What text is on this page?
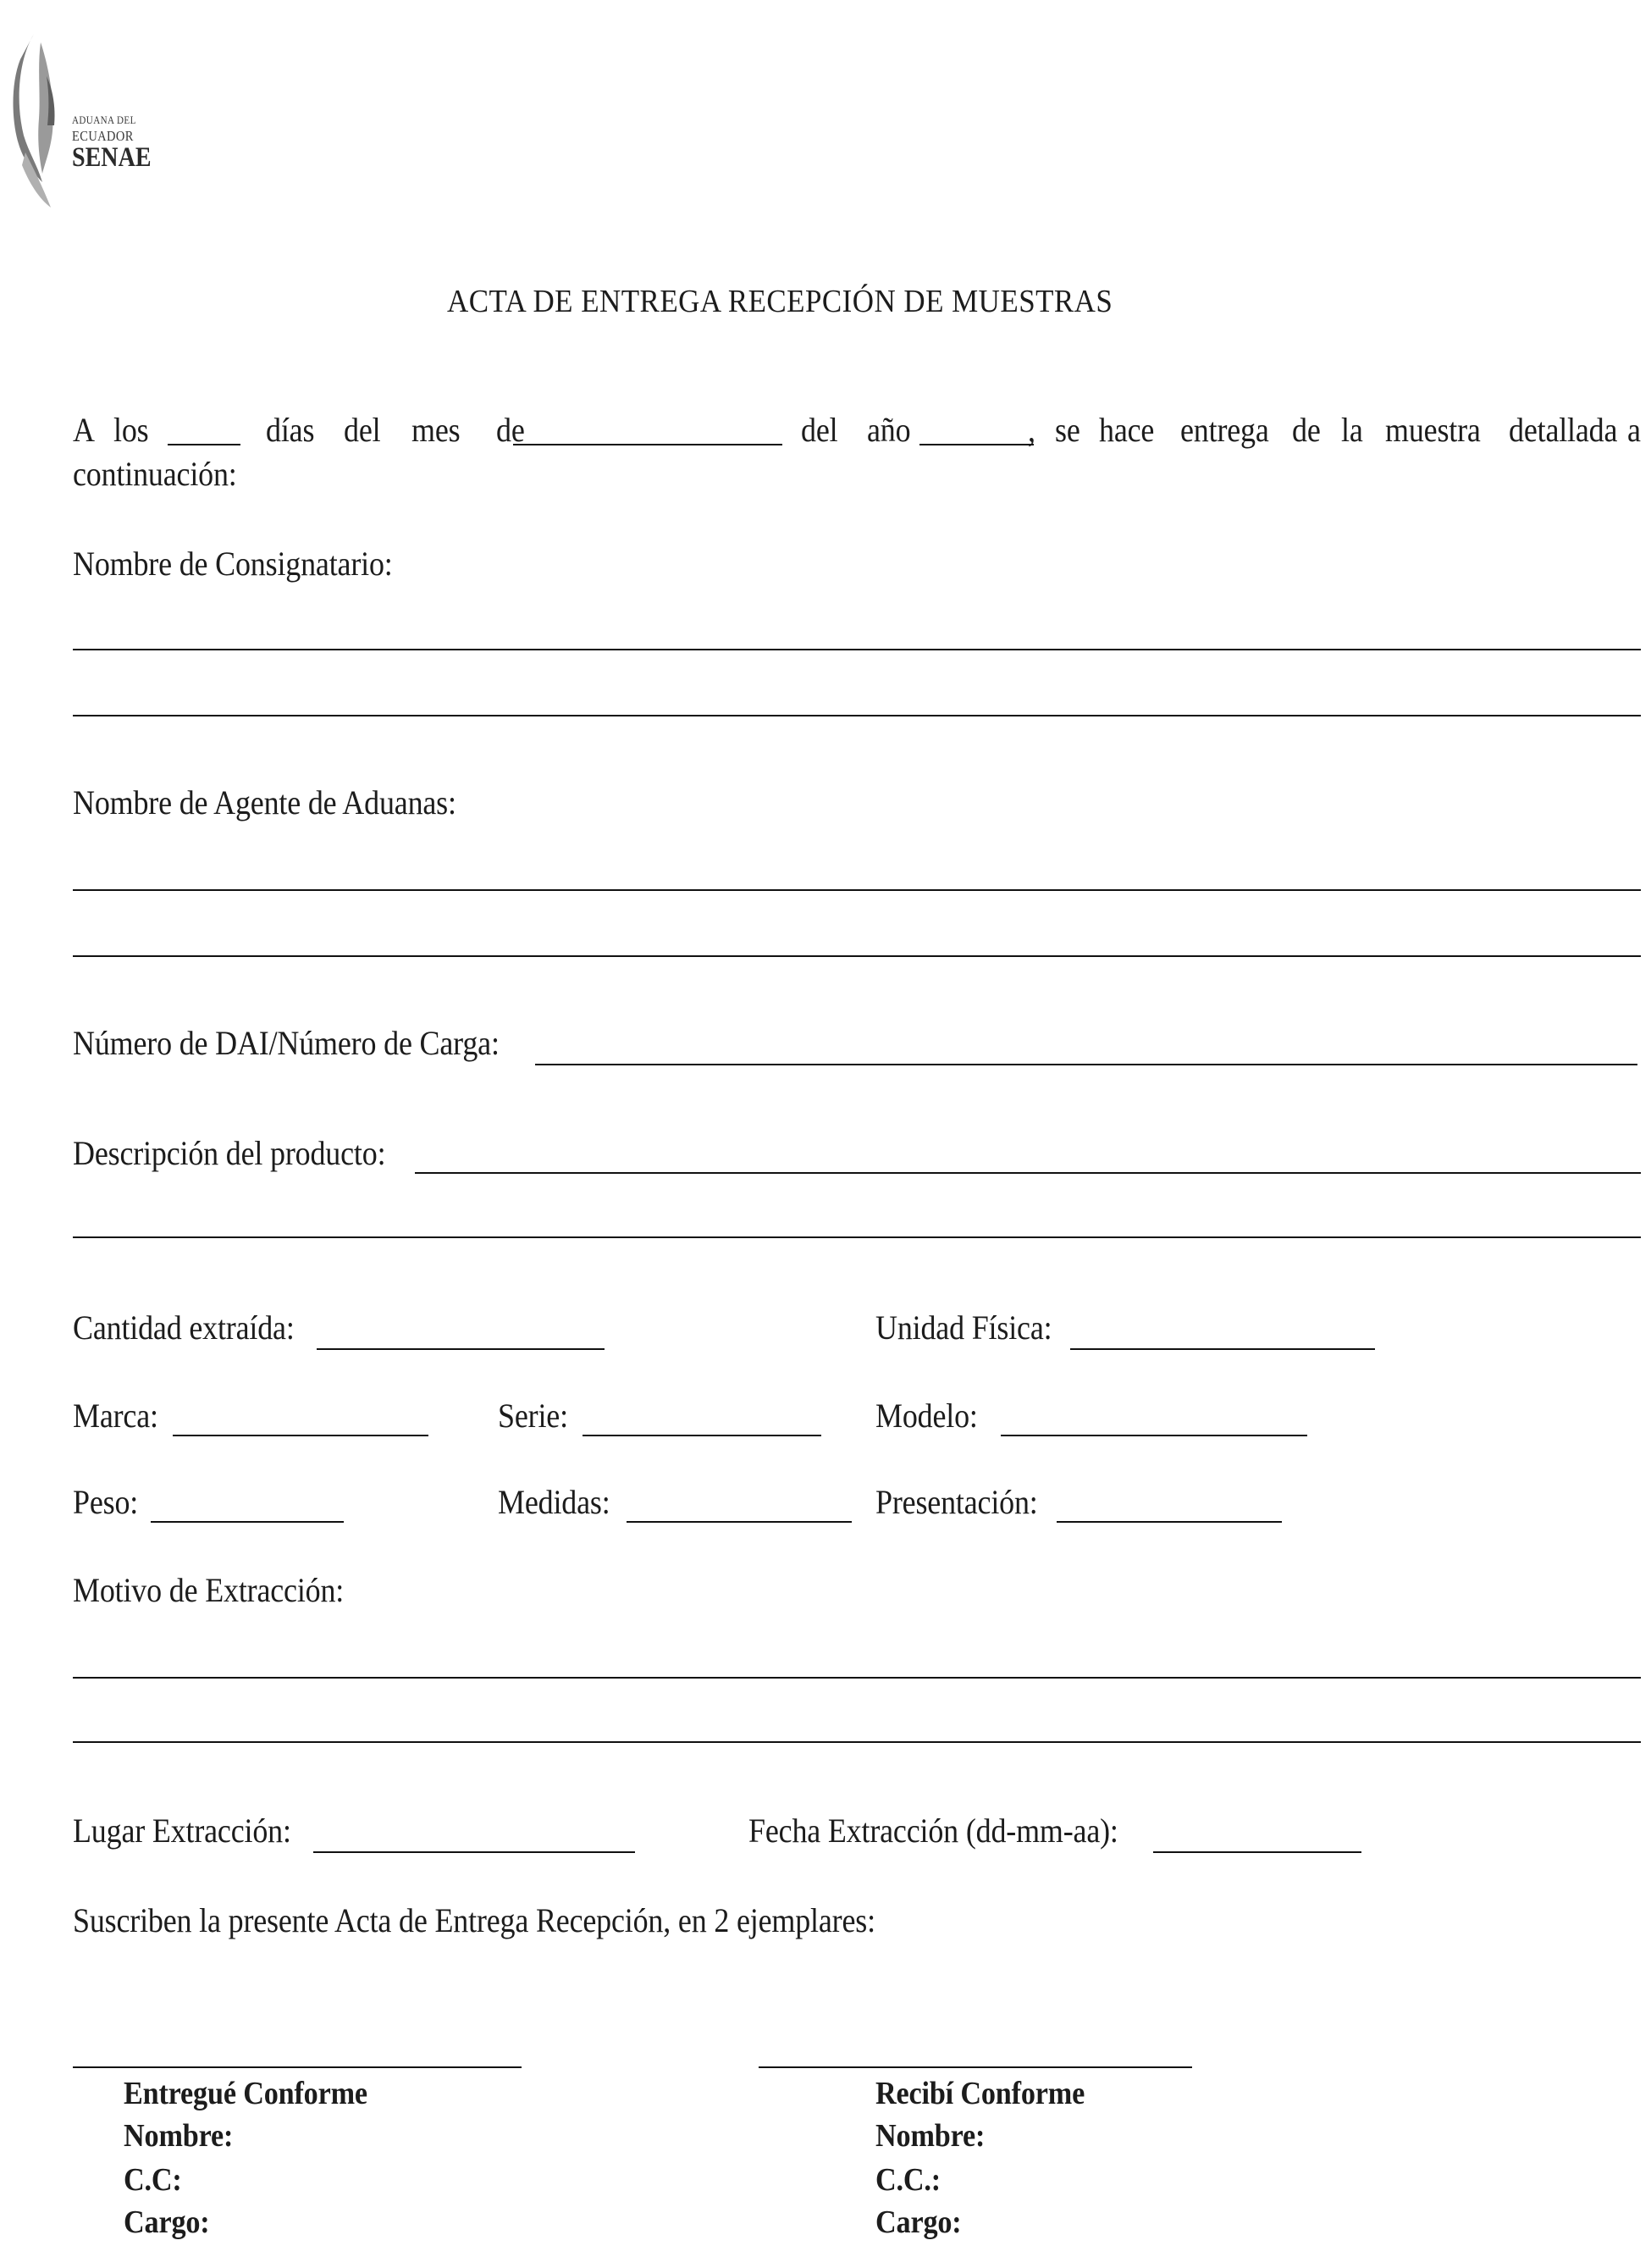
ADUANA DEL
ECUADOR
SENAE
ACTA DE ENTREGA RECEPCIÓN DE MUESTRAS
A los	días del mes de	del año	, se hace entrega de la muestra detallada a
continuación:
Nombre de Consignatario:
Nombre de Agente de Aduanas:
Número de DAI/Número de Carga:
Descripción del producto:
Cantidad extraída:	Unidad Física:
Marca:	Serie:	Modelo:
Peso:	Medidas:	Presentación:
Motivo de Extracción:
Lugar Extracción:	Fecha Extracción (dd-mm-aa):
Suscriben la presente Acta de Entrega Recepción, en 2 ejemplares:
Entregué Conforme
Nombre:
C.C:
Cargo:
Recibí Conforme
Nombre:
C.C.:
Cargo:
